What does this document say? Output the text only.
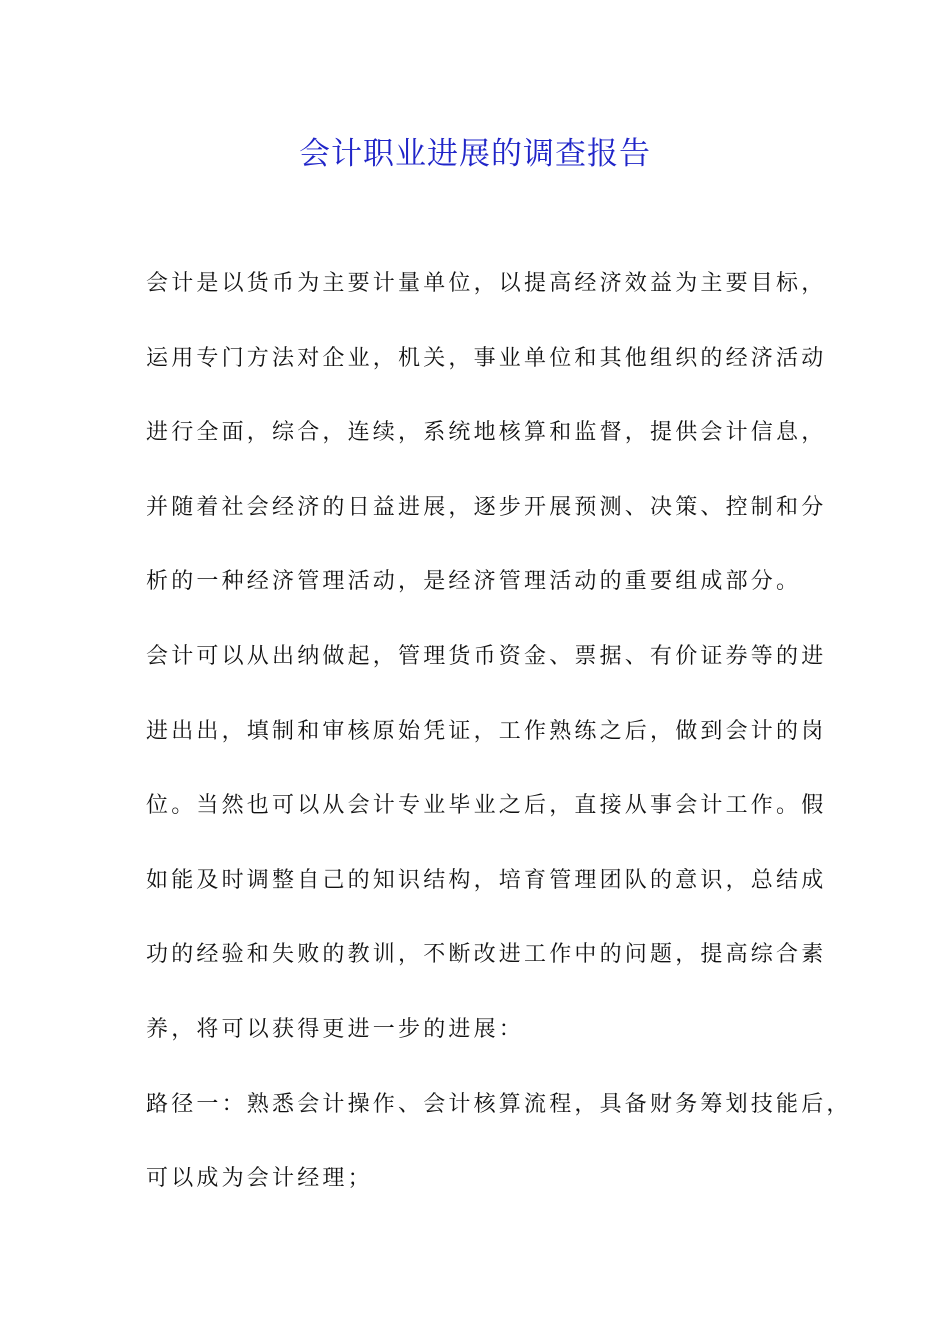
会计职业进展的调查报告
会计是以货币为主要计量单位，以提高经济效益为主要目标，
运用专门方法对企业，机关，事业单位和其他组织的经济活动
进行全面，综合，连续，系统地核算和监督，提供会计信息，
并随着社会经济的日益进展，逐步开展预测、决策、控制和分
析的一种经济管理活动，是经济管理活动的重要组成部分。
会计可以从出纳做起，管理货币资金、票据、有价证券等的进
进出出，填制和审核原始凭证，工作熟练之后，做到会计的岗
位。当然也可以从会计专业毕业之后，直接从事会计工作。假
如能及时调整自己的知识结构，培育管理团队的意识，总结成
功的经验和失败的教训，不断改进工作中的问题，提高综合素
养，将可以获得更进一步的进展：
路径一：熟悉会计操作、会计核算流程，具备财务筹划技能后，
可以成为会计经理；
